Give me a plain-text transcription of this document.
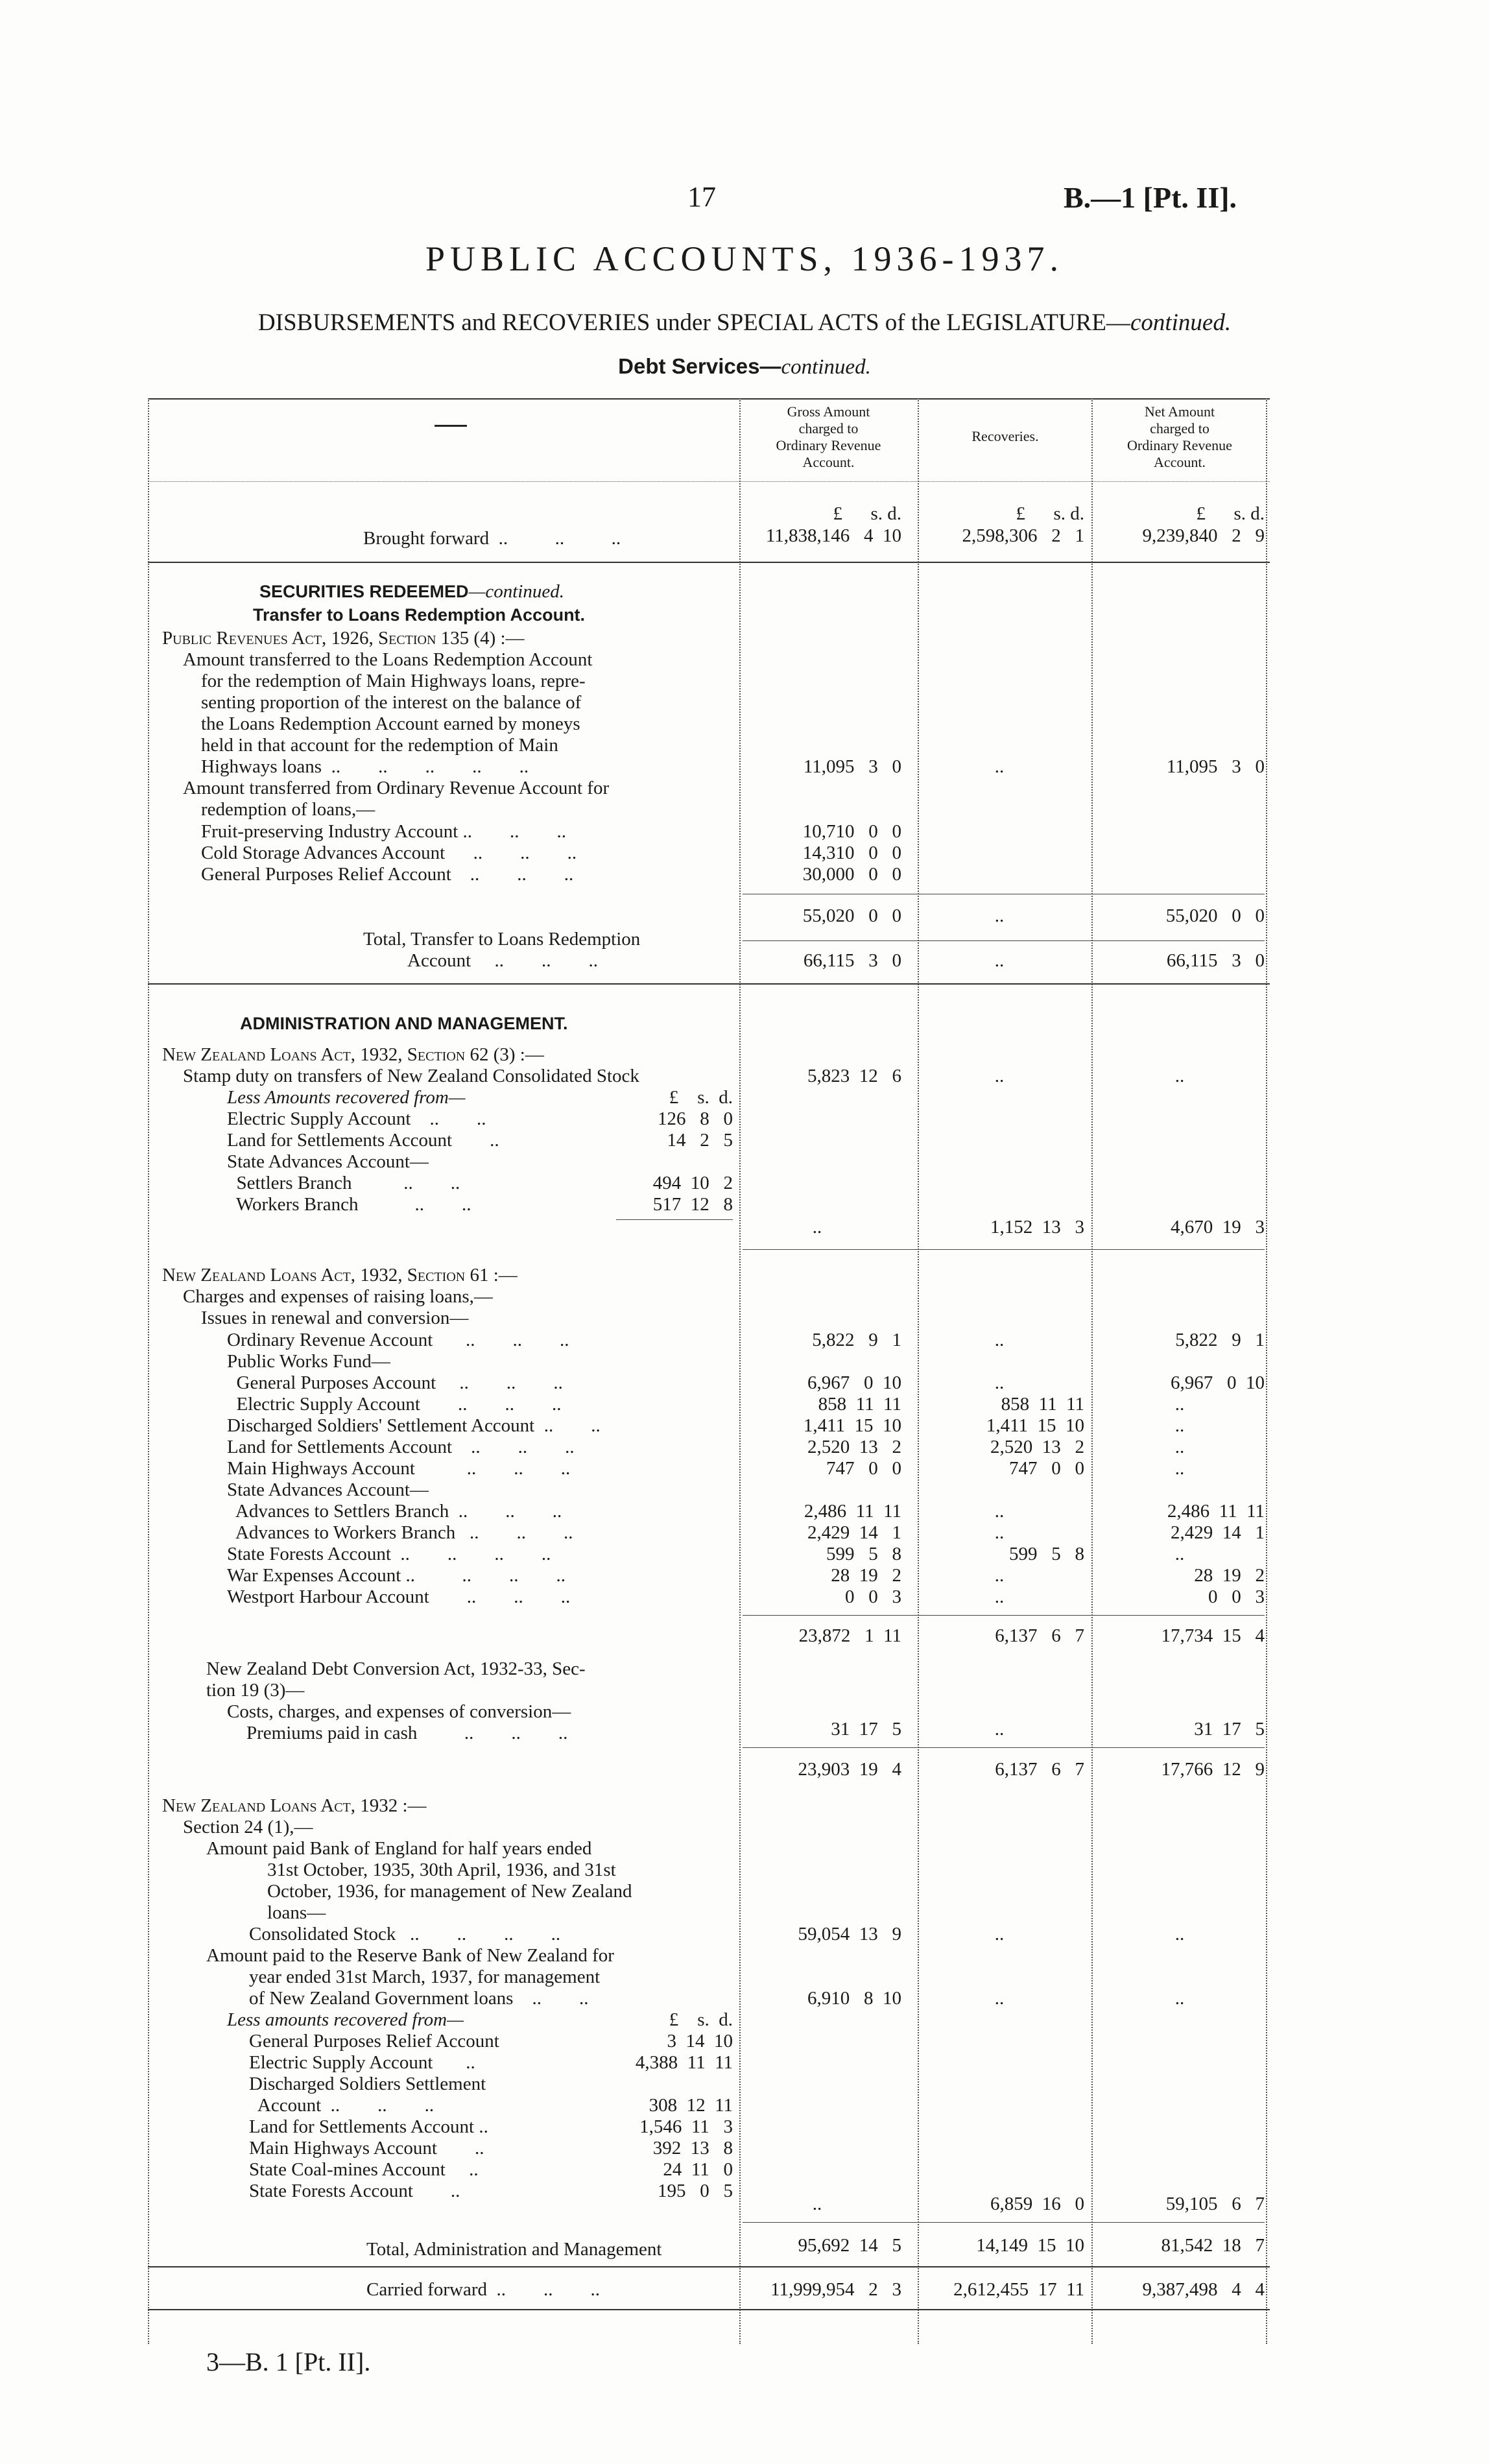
17	B.—1 [Pt. II].
PUBLIC ACCOUNTS, 1936-1937.
DISBURSEMENTS and RECOVERIES under SPECIAL ACTS of the LEGISLATURE—continued.
Debt Services—continued.
Gross Amount
charged to
Ordinary Revenue
Account.
Recoveries.
Net Amount
charged to
Ordinary Revenue
Account.
£      s. d.	£      s. d.	£      s. d.
Brought forward  ..          ..          ..	11,838,146   4  10	2,598,306   2   1	9,239,840   2   9
SECURITIES REDEEMED—continued.
Transfer to Loans Redemption Account.
Public Revenues Act, 1926, Section 135 (4) :—
Amount transferred to the Loans Redemption Account
for the redemption of Main Highways loans, repre-
senting proportion of the interest on the balance of
the Loans Redemption Account earned by moneys
held in that account for the redemption of Main
Highways loans  ..        ..        ..        ..        ..	11,095   3   0	..	11,095   3   0
Amount transferred from Ordinary Revenue Account for
redemption of loans,—
Fruit-preserving Industry Account ..        ..        ..	10,710   0   0
Cold Storage Advances Account      ..        ..        ..	14,310   0   0
General Purposes Relief Account    ..        ..        ..	30,000   0   0
55,020   0   0	..	55,020   0   0
Total, Transfer to Loans Redemption
Account     ..        ..        ..	66,115   3   0	..	66,115   3   0
ADMINISTRATION AND MANAGEMENT.
New Zealand Loans Act, 1932, Section 62 (3) :—
Stamp duty on transfers of New Zealand Consolidated Stock	5,823  12   6	..	..
Less Amounts recovered from—	£    s.  d.
Electric Supply Account    ..        ..	126   8   0
Land for Settlements Account        ..	14   2   5
State Advances Account—
Settlers Branch           ..        ..	494  10   2
Workers Branch            ..        ..	517  12   8
..	1,152  13   3	4,670  19   3
New Zealand Loans Act, 1932, Section 61 :—
Charges and expenses of raising loans,—
Issues in renewal and conversion—
Ordinary Revenue Account       ..        ..        ..	5,822   9   1	..	5,822   9   1
Public Works Fund—
General Purposes Account     ..        ..        ..	6,967   0  10	..	6,967   0  10
Electric Supply Account        ..        ..        ..	858  11  11	858  11  11	..
Discharged Soldiers' Settlement Account  ..        ..	1,411  15  10	1,411  15  10	..
Land for Settlements Account    ..        ..        ..	2,520  13   2	2,520  13   2	..
Main Highways Account           ..        ..        ..	747   0   0	747   0   0	..
State Advances Account—
Advances to Settlers Branch  ..        ..        ..	2,486  11  11	..	2,486  11  11
Advances to Workers Branch   ..        ..        ..	2,429  14   1	..	2,429  14   1
State Forests Account  ..        ..        ..        ..	599   5   8	599   5   8	..
War Expenses Account ..          ..        ..        ..	28  19   2	..	28  19   2
Westport Harbour Account        ..        ..        ..	0   0   3	..	0   0   3
23,872   1  11	6,137   6   7	17,734  15   4
New Zealand Debt Conversion Act, 1932-33, Sec-
tion 19 (3)—
Costs, charges, and expenses of conversion—
Premiums paid in cash          ..        ..        ..	31  17   5	..	31  17   5
23,903  19   4	6,137   6   7	17,766  12   9
New Zealand Loans Act, 1932 :—
Section 24 (1),—
Amount paid Bank of England for half years ended
31st October, 1935, 30th April, 1936, and 31st
October, 1936, for management of New Zealand
loans—
Consolidated Stock   ..        ..        ..        ..	59,054  13   9	..	..
Amount paid to the Reserve Bank of New Zealand for
year ended 31st March, 1937, for management
of New Zealand Government loans    ..        ..	6,910   8  10	..	..
Less amounts recovered from—	£    s.  d.
General Purposes Relief Account	3  14  10
Electric Supply Account       ..	4,388  11  11
Discharged Soldiers Settlement
Account  ..        ..        ..	308  12  11
Land for Settlements Account ..	1,546  11   3
Main Highways Account        ..	392  13   8
State Coal-mines Account     ..	24  11   0
State Forests Account        ..	195   0   5
..	6,859  16   0	59,105   6   7
Total, Administration and Management	95,692  14   5	14,149  15  10	81,542  18   7
Carried forward  ..        ..        ..	11,999,954   2   3	2,612,455  17  11	9,387,498   4   4
3—B. 1 [Pt. II].
